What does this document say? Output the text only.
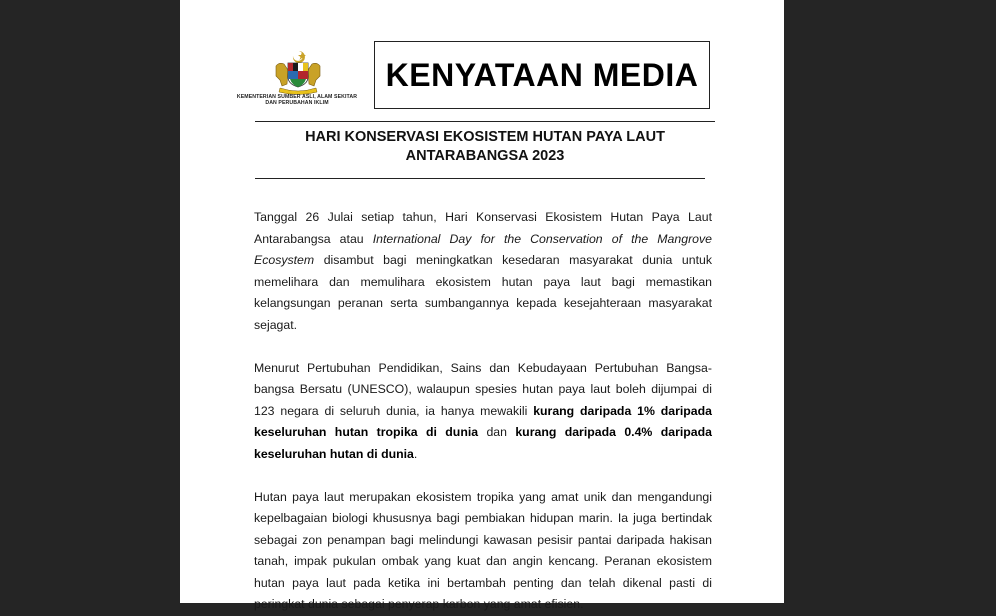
KEMENTERIAN SUMBER ASLI, ALAM SEKITAR
DAN PERUBAHAN IKLIM
KENYATAAN MEDIA
HARI KONSERVASI EKOSISTEM HUTAN PAYA LAUT
ANTARABANGSA 2023

Tanggal 26 Julai setiap tahun, Hari Konservasi Ekosistem Hutan Paya Laut Antarabangsa atau International Day for the Conservation of the Mangrove Ecosystem disambut bagi meningkatkan kesedaran masyarakat dunia untuk memelihara dan memulihara ekosistem hutan paya laut bagi memastikan kelangsungan peranan serta sumbangannya kepada kesejahteraan masyarakat sejagat.

Menurut Pertubuhan Pendidikan, Sains dan Kebudayaan Pertubuhan Bangsa-bangsa Bersatu (UNESCO), walaupun spesies hutan paya laut boleh dijumpai di 123 negara di seluruh dunia, ia hanya mewakili kurang daripada 1% daripada keseluruhan hutan tropika di dunia dan kurang daripada 0.4% daripada keseluruhan hutan di dunia.

Hutan paya laut merupakan ekosistem tropika yang amat unik dan mengandungi kepelbagaian biologi khususnya bagi pembiakan hidupan marin. Ia juga bertindak sebagai zon penampan bagi melindungi kawasan pesisir pantai daripada hakisan tanah, impak pukulan ombak yang kuat dan angin kencang. Peranan ekosistem hutan paya laut pada ketika ini bertambah penting dan telah dikenal pasti di peringkat dunia sebagai penyerap karbon yang amat efisien.
